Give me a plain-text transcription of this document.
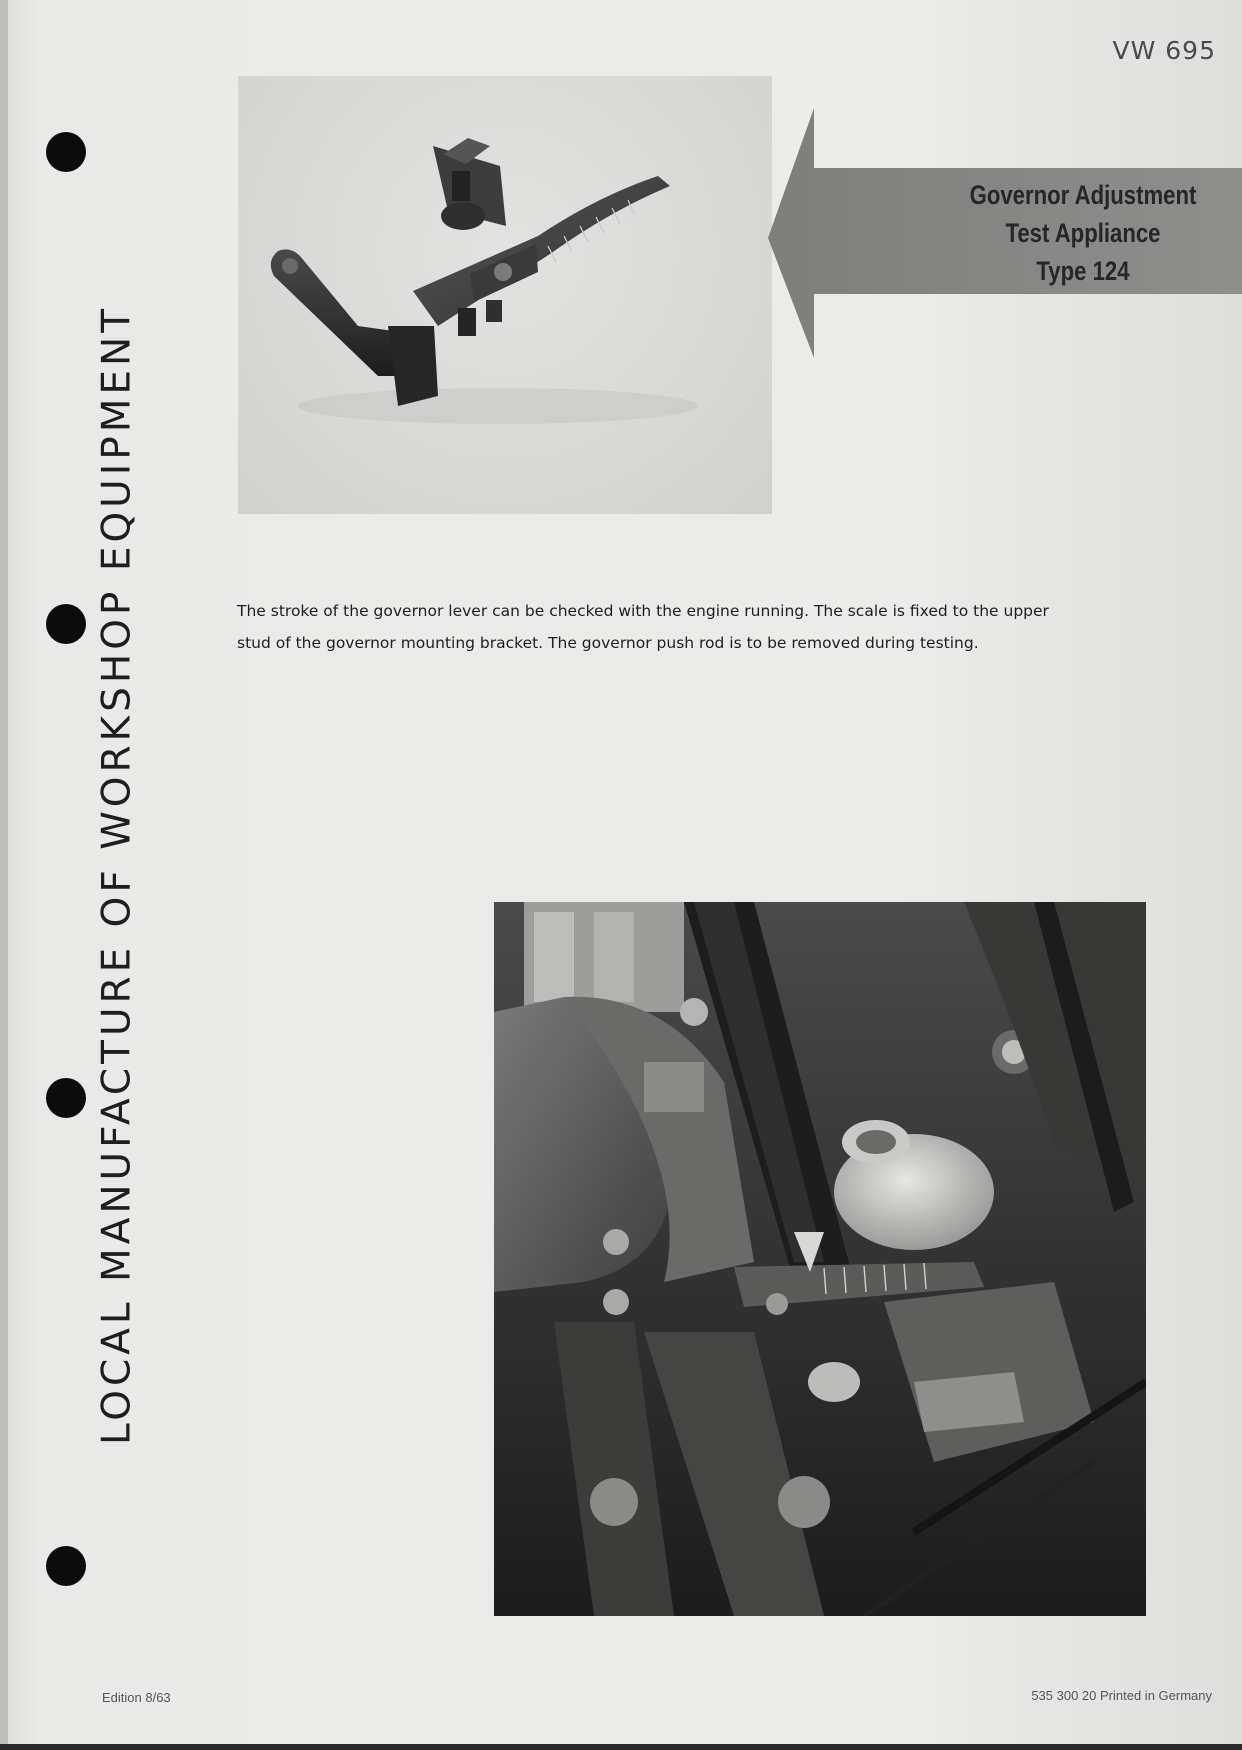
VW 695
LOCAL MANUFACTURE OF WORKSHOP EQUIPMENT
Governor Adjustment
Test Appliance
Type 124
The stroke of the governor lever can be checked with the engine running. The scale is fixed to the upper
stud of the governor mounting bracket. The governor push rod is to be removed during testing.
Edition 8/63	535 300 20 Printed in Germany
